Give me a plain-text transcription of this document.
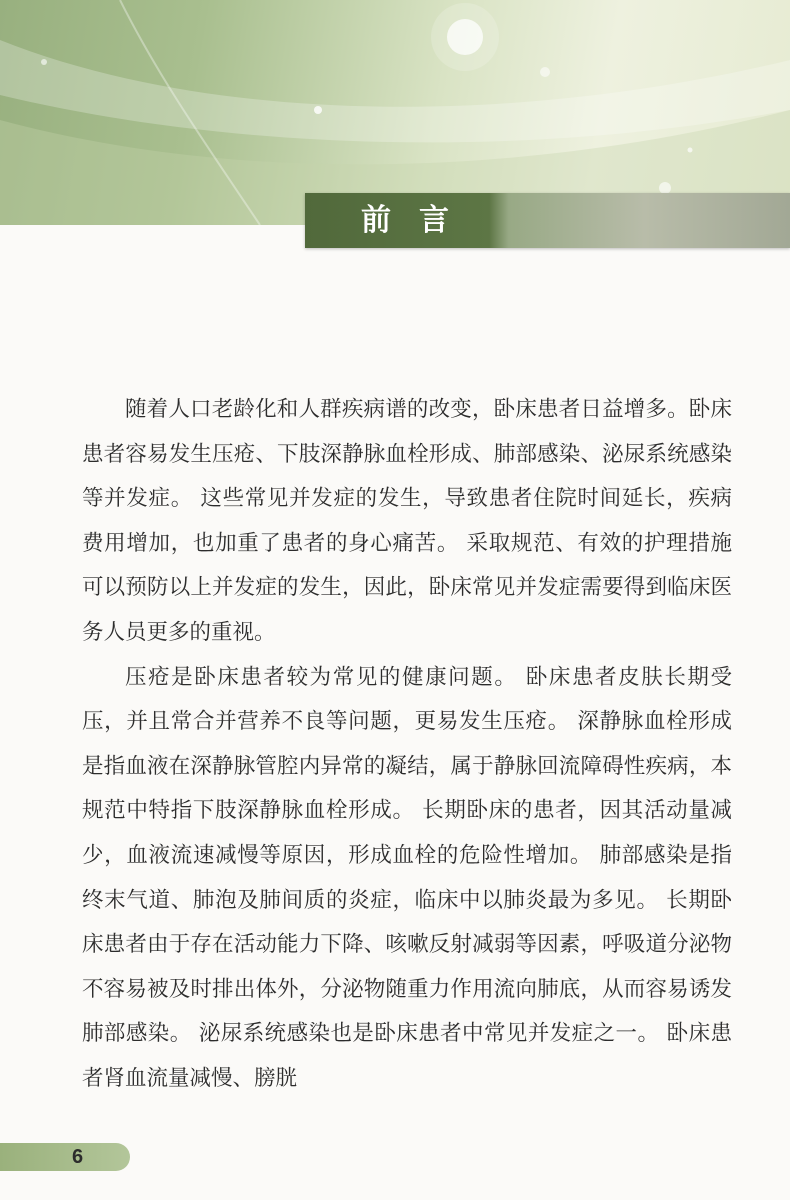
前言

随着人口老龄化和人群疾病谱的改变，卧床患者日益增多。卧床患者容易发生压疮、下肢深静脉血栓形成、肺部感染、泌尿系统感染等并发症。 这些常见并发症的发生，导致患者住院时间延长，疾病费用增加，也加重了患者的身心痛苦。 采取规范、有效的护理措施可以预防以上并发症的发生，因此，卧床常见并发症需要得到临床医务人员更多的重视。

压疮是卧床患者较为常见的健康问题。 卧床患者皮肤长期受压，并且常合并营养不良等问题，更易发生压疮。 深静脉血栓形成是指血液在深静脉管腔内异常的凝结，属于静脉回流障碍性疾病，本规范中特指下肢深静脉血栓形成。 长期卧床的患者，因其活动量减少，血液流速减慢等原因，形成血栓的危险性增加。 肺部感染是指终末气道、肺泡及肺间质的炎症，临床中以肺炎最为多见。 长期卧床患者由于存在活动能力下降、咳嗽反射减弱等因素，呼吸道分泌物不容易被及时排出体外，分泌物随重力作用流向肺底，从而容易诱发肺部感染。 泌尿系统感染也是卧床患者中常见并发症之一。 卧床患者肾血流量减慢、膀胱

6
